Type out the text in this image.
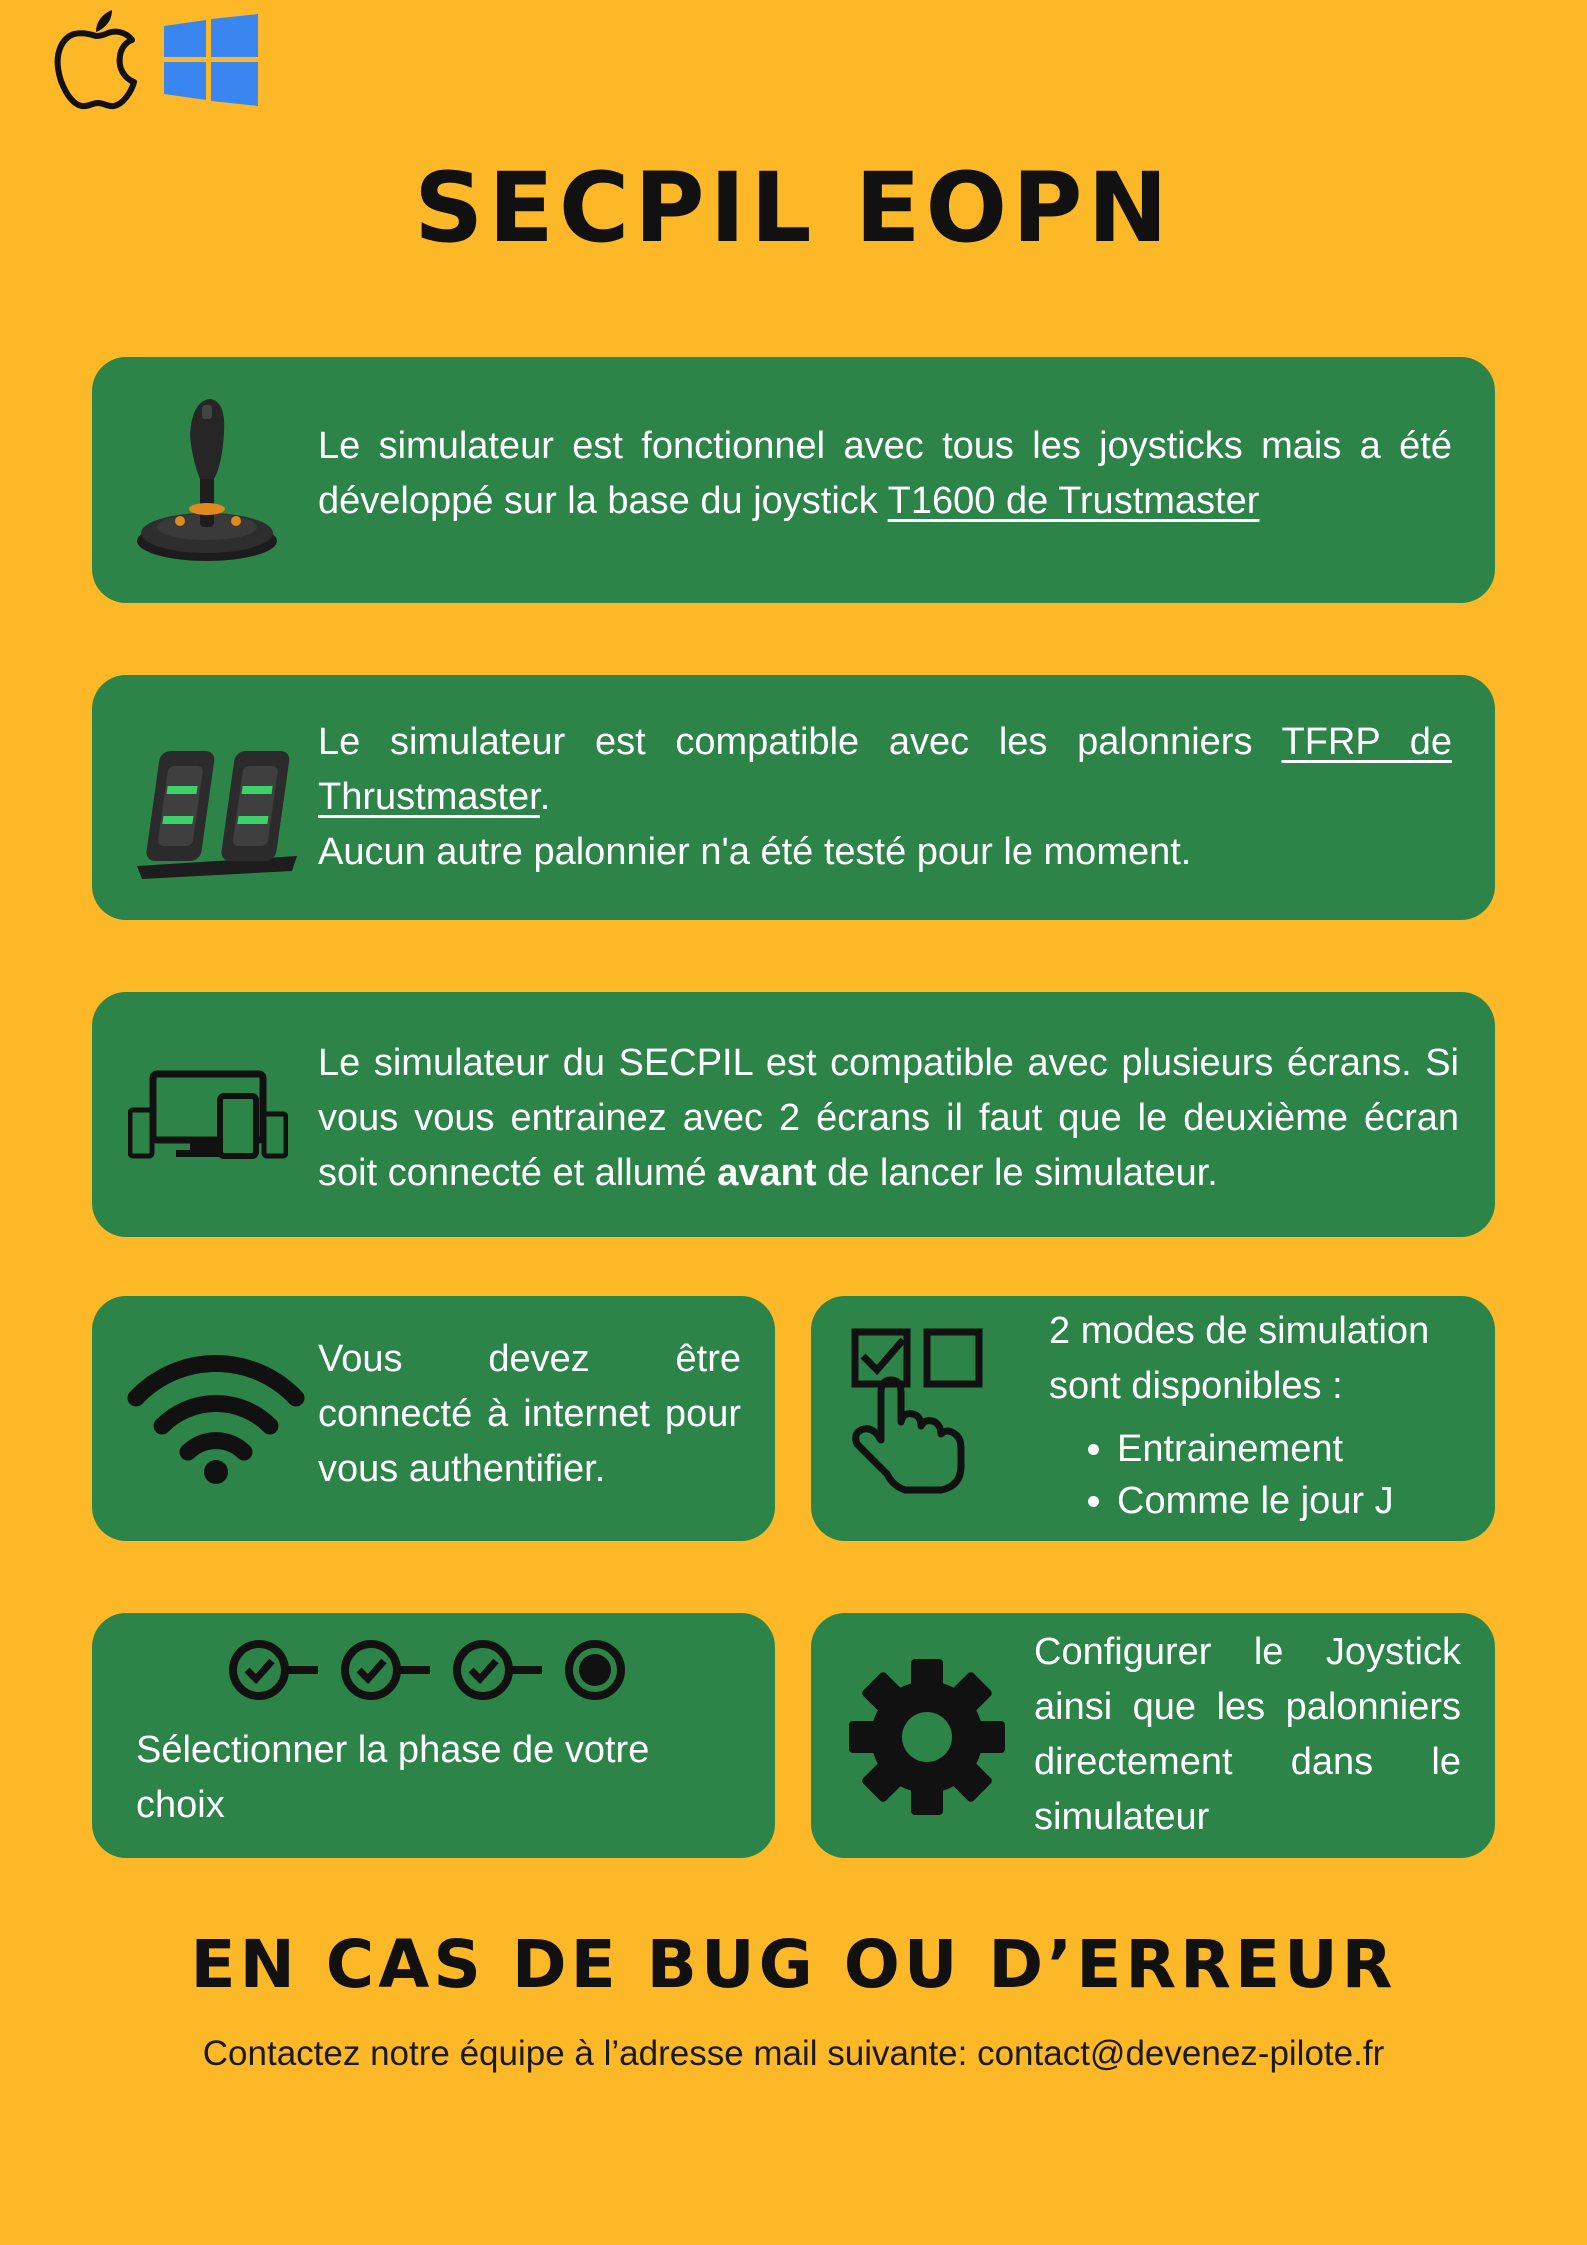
SECPIL EOPN
Le simulateur est fonctionnel avec tous les joysticks mais a été développé sur la base du joystick T1600 de Trustmaster
Le simulateur est compatible avec les palonniers TFRP de Thrustmaster.
Aucun autre palonnier n'a été testé pour le moment.
Le simulateur du SECPIL est compatible avec plusieurs écrans. Si vous vous entrainez avec 2 écrans il faut que le deuxième écran soit connecté et allumé avant de lancer le simulateur.
Vous devez être connecté à internet pour vous authentifier.
2 modes de simulation sont disponibles :
• Entrainement
• Comme le jour J
Sélectionner la phase de votre choix
Configurer le Joystick ainsi que les palonniers directement dans le simulateur
EN CAS DE BUG OU D’ERREUR
Contactez notre équipe à l’adresse mail suivante: contact@devenez-pilote.fr
